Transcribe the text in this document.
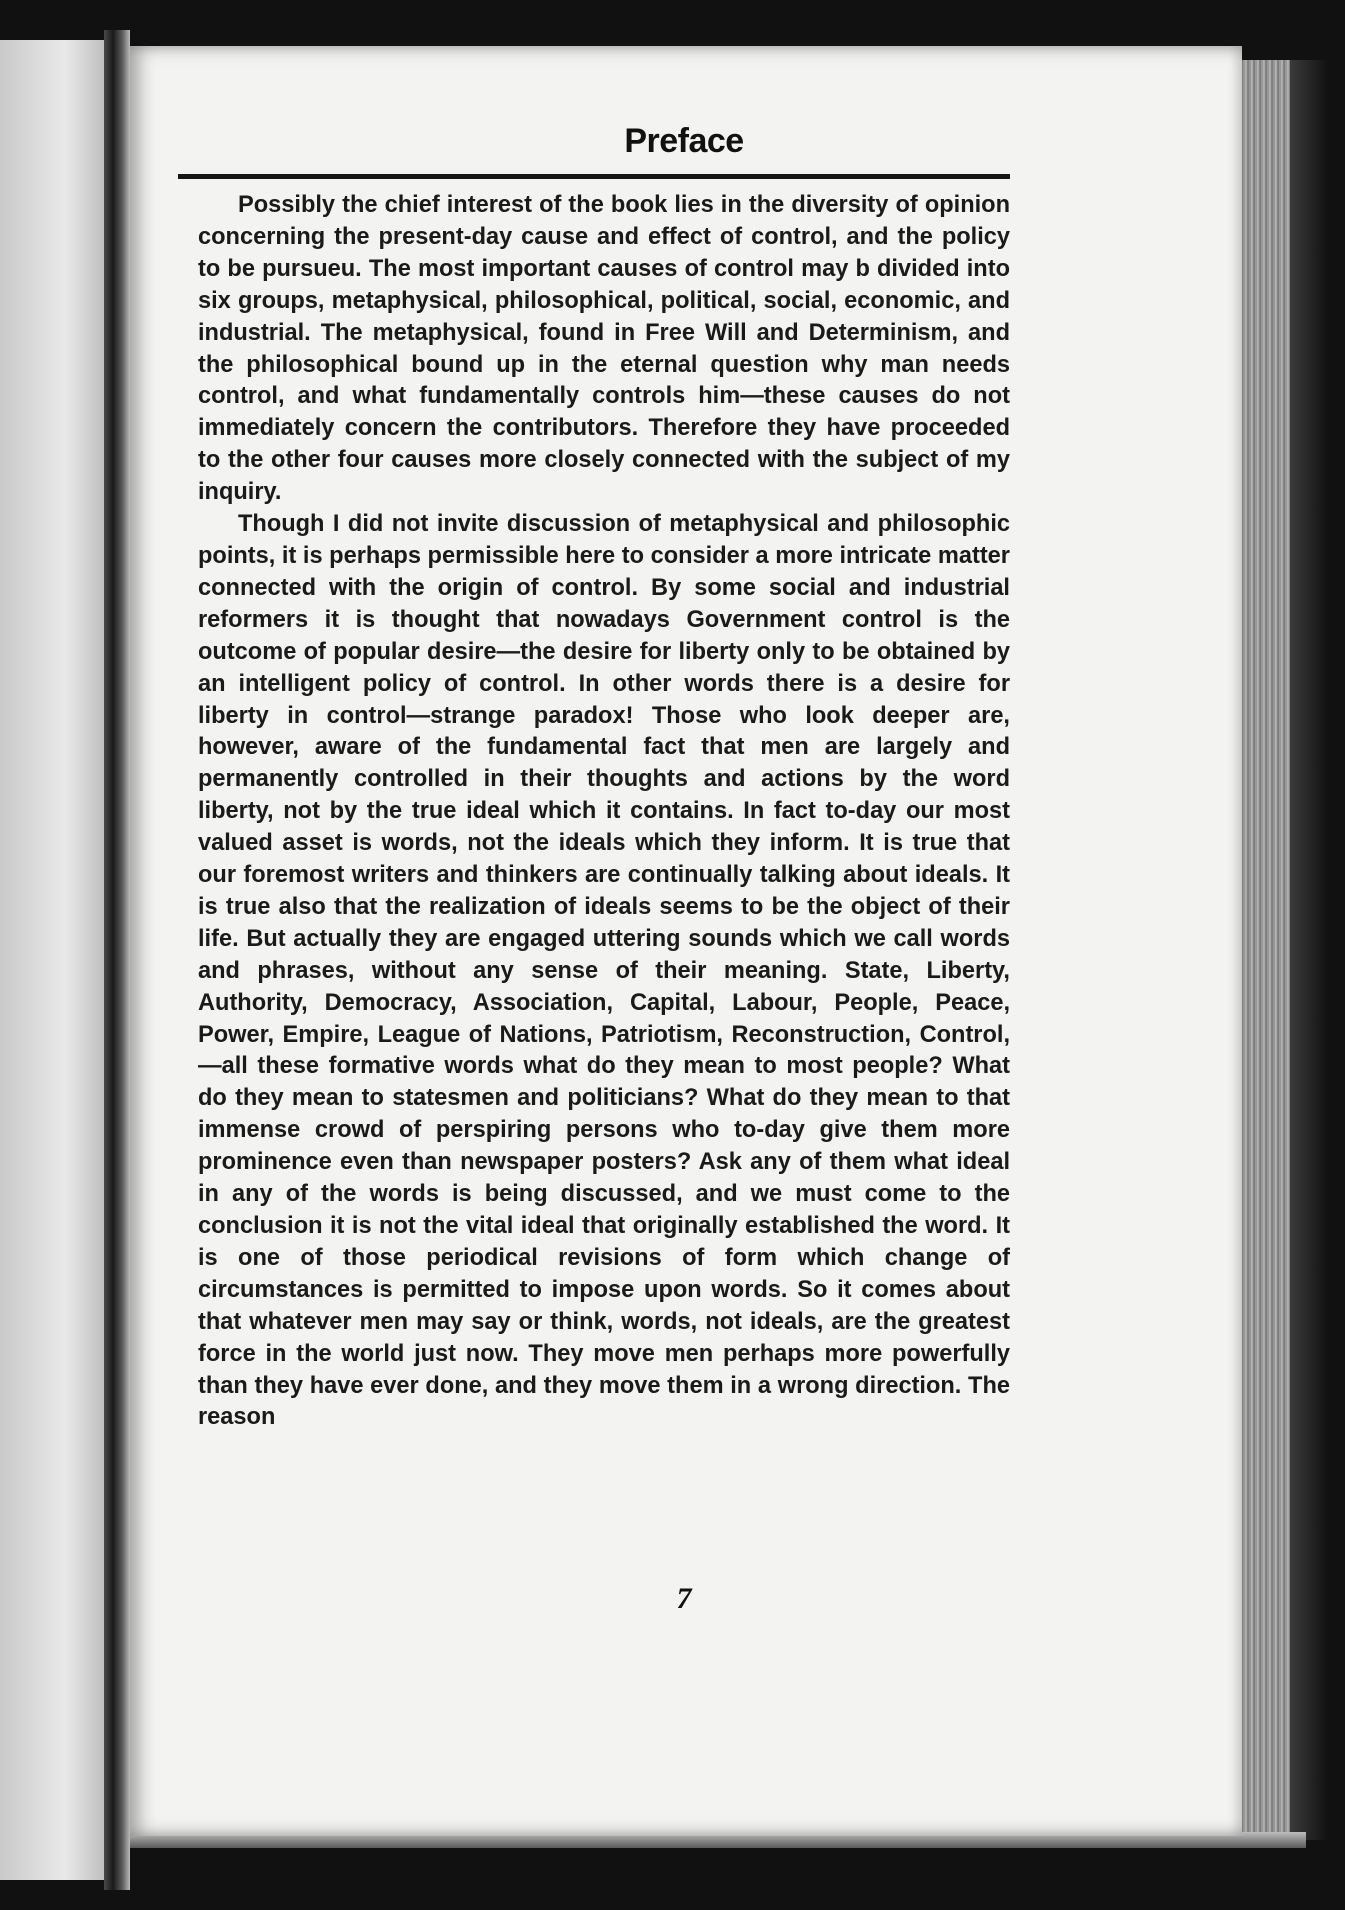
Preface

Possibly the chief interest of the book lies in the diversity of opinion concerning the present-day cause and effect of control, and the policy to be pursueu. The most important causes of control may b divided into six groups, metaphysical, philosophical, political, social, economic, and industrial. The metaphysical, found in Free Will and Determinism, and the philosophical bound up in the eternal question why man needs control, and what fundamentally controls him—these causes do not immediately concern the contributors. Therefore they have proceeded to the other four causes more closely connected with the subject of my inquiry.

Though I did not invite discussion of metaphysical and philosophic points, it is perhaps permissible here to consider a more intricate matter connected with the origin of control. By some social and industrial reformers it is thought that nowadays Government control is the outcome of popular desire—the desire for liberty only to be obtained by an intelligent policy of control. In other words there is a desire for liberty in control—strange paradox! Those who look deeper are, however, aware of the fundamental fact that men are largely and permanently controlled in their thoughts and actions by the word liberty, not by the true ideal which it contains. In fact to-day our most valued asset is words, not the ideals which they inform. It is true that our foremost writers and thinkers are continually talking about ideals. It is true also that the realization of ideals seems to be the object of their life. But actually they are engaged uttering sounds which we call words and phrases, without any sense of their meaning. State, Liberty, Authority, Democracy, Association, Capital, Labour, People, Peace, Power, Empire, League of Nations, Patriotism, Reconstruction, Control,—all these formative words what do they mean to most people? What do they mean to statesmen and politicians? What do they mean to that immense crowd of perspiring persons who to-day give them more prominence even than newspaper posters? Ask any of them what ideal in any of the words is being discussed, and we must come to the conclusion it is not the vital ideal that originally established the word. It is one of those periodical revisions of form which change of circumstances is permitted to impose upon words. So it comes about that whatever men may say or think, words, not ideals, are the greatest force in the world just now. They move men perhaps more powerfully than they have ever done, and they move them in a wrong direction. The reason

7
